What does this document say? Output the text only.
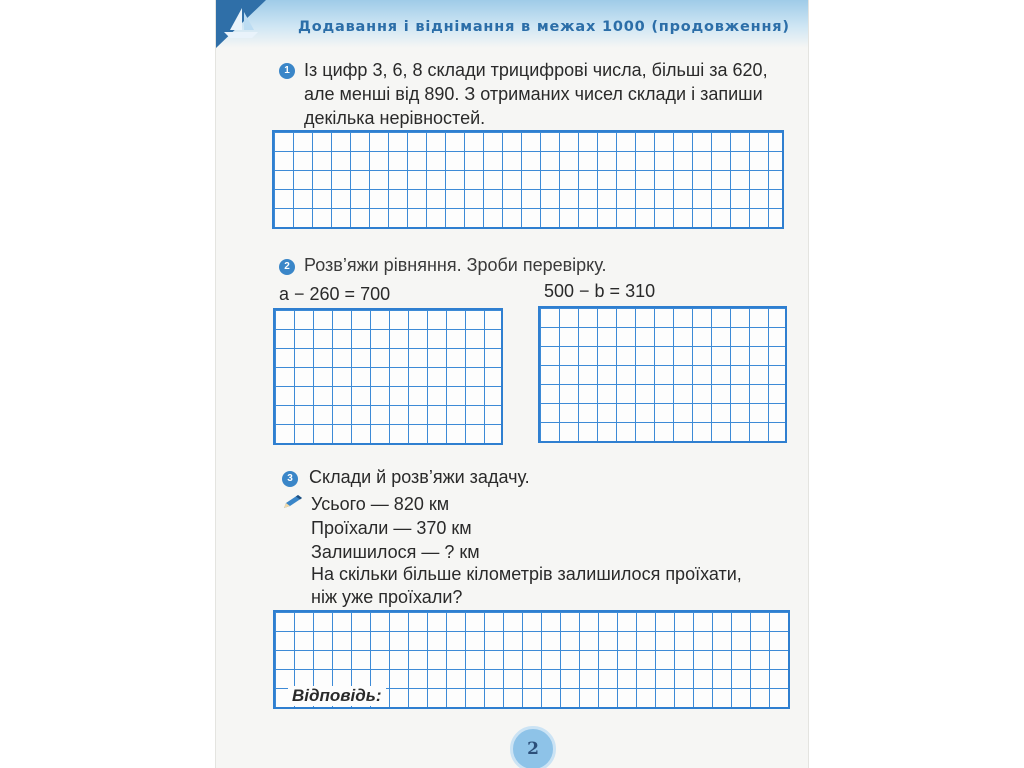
Додавання і віднімання в межах 1000 (продовження)
1 Із цифр 3, 6, 8 склади трицифрові числа, більші за 620,
але менші від 890. З отриманих чисел склади і запиши
декілька нерівностей.
2 Розв’яжи рівняння. Зроби перевірку.
a − 260 = 700	500 − b = 310
3 Склади й розв’яжи задачу.
Усього — 820 км
Проїхали — 370 км
Залишилося — ? км
На скільки більше кілометрів залишилося проїхати,
ніж уже проїхали?
Відповідь:
2
